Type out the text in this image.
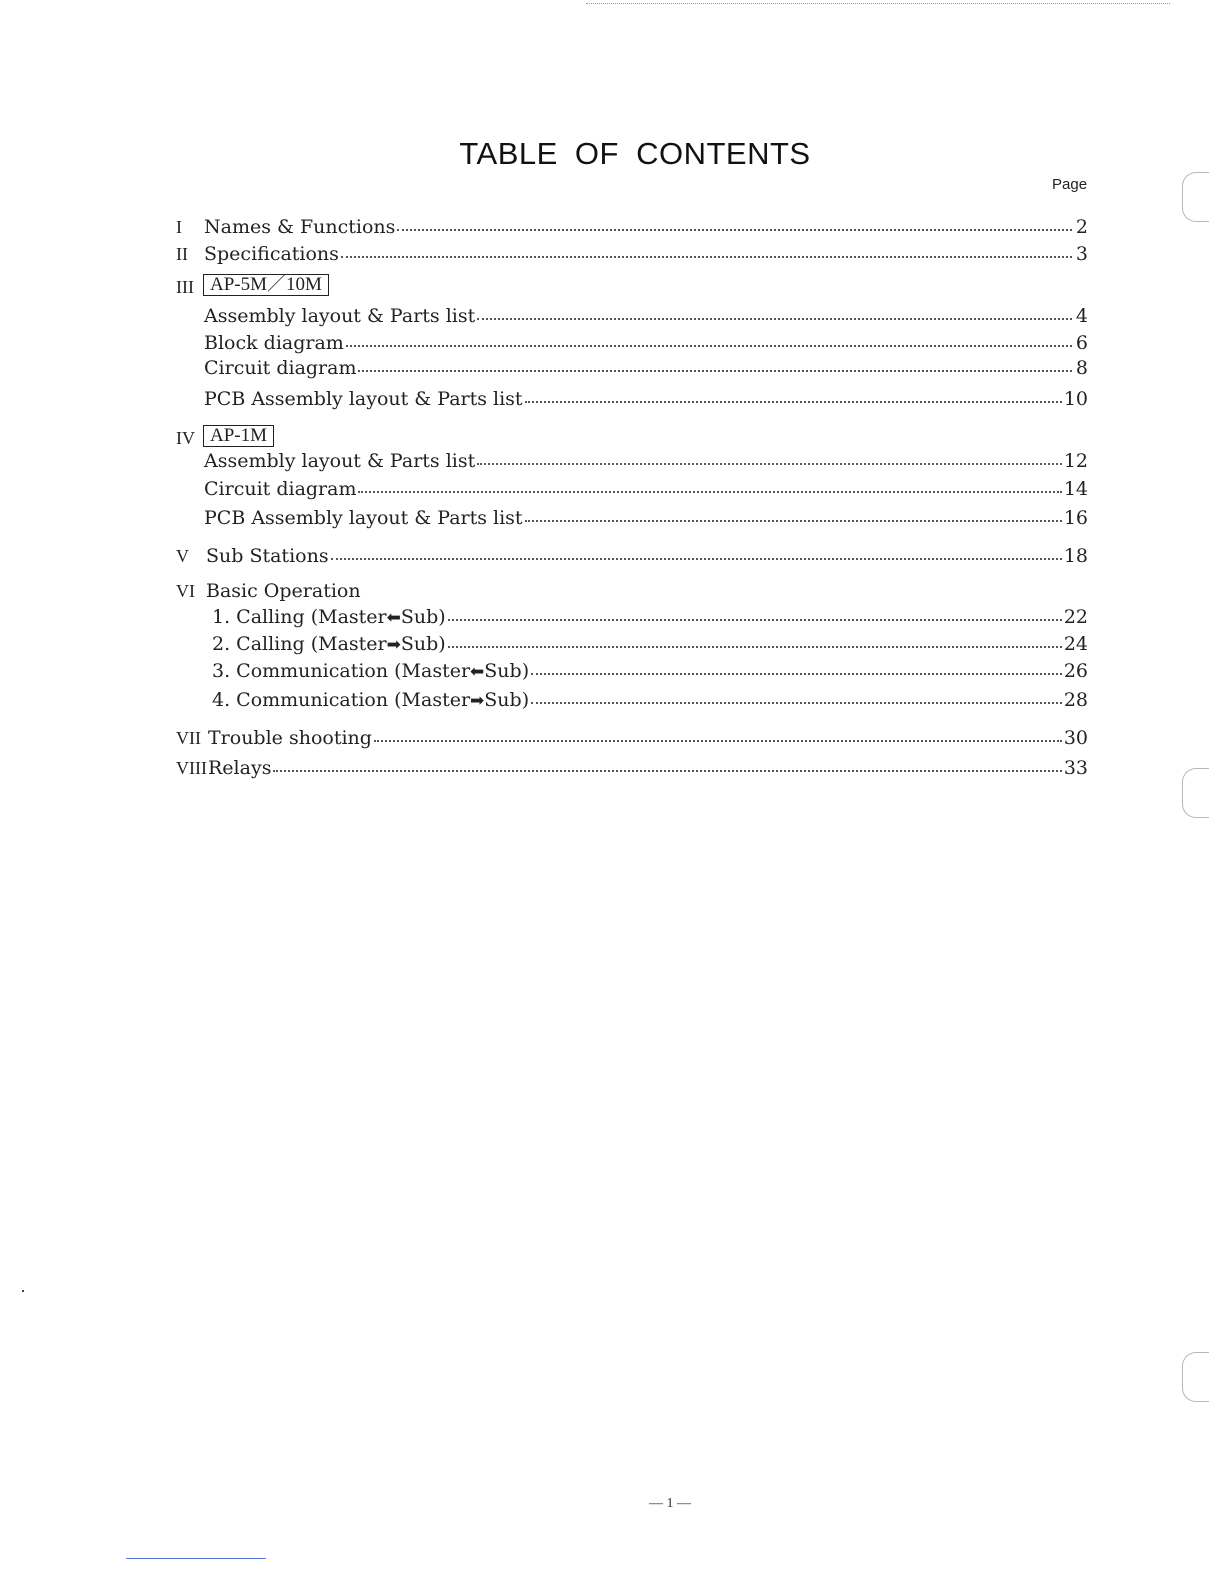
TABLE OF CONTENTS
Page
I	Names & Functions	2
II Specifications	3
III AP-5M／10M
Assembly layout & Parts list	4
Block diagram	6
Circuit diagram	8
PCB Assembly layout & Parts list	10
IV AP-1M
Assembly layout & Parts list	12
Circuit diagram	14
PCB Assembly layout & Parts list	16
V Sub Stations	18
VI Basic Operation
1. Calling (Master ⬅ Sub)	22
2. Calling (Master ➡ Sub)	24
3. Communication (Master ⬅ Sub)	26
4. Communication (Master ➡ Sub)	28
VII Trouble shooting	30
VIII Relays	33
— 1 —
